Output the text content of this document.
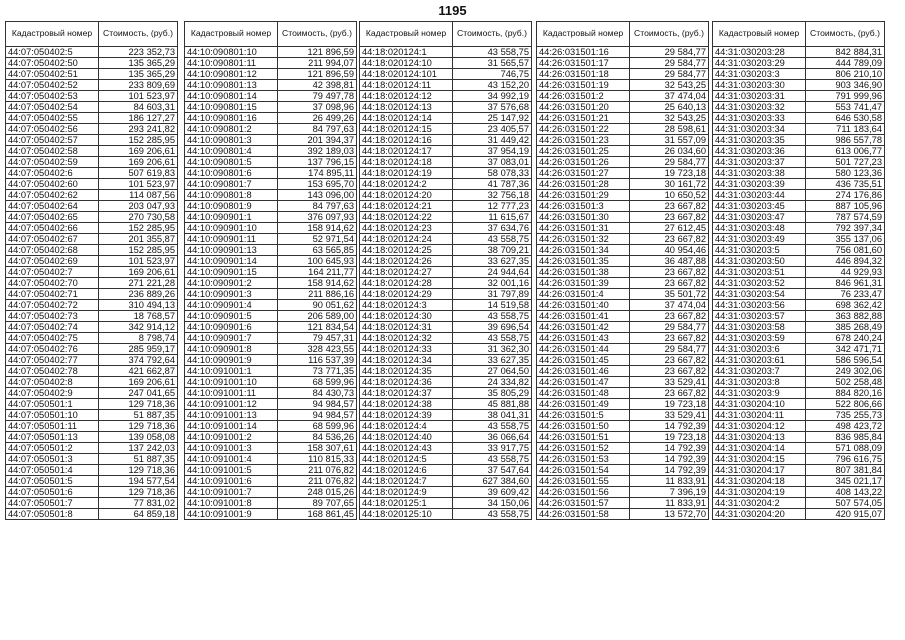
1195
Кадастровый номер	Стоимость, (руб.)
44:07:050402:5	223 352,73
44:07:050402:50	135 365,29
44:07:050402:51	135 365,29
44:07:050402:52	233 809,69
44:07:050402:53	101 523,97
44:07:050402:54	84 603,31
44:07:050402:55	186 127,27
44:07:050402:56	293 241,82
44:07:050402:57	152 285,95
44:07:050402:58	169 206,61
44:07:050402:59	169 206,61
44:07:050402:6	507 619,83
44:07:050402:60	101 523,97
44:07:050402:62	114 087,56
44:07:050402:64	203 047,93
44:07:050402:65	270 730,58
44:07:050402:66	152 285,95
44:07:050402:67	201 355,87
44:07:050402:68	152 285,95
44:07:050402:69	101 523,97
44:07:050402:7	169 206,61
44:07:050402:70	271 221,28
44:07:050402:71	236 889,26
44:07:050402:72	310 494,13
44:07:050402:73	18 768,57
44:07:050402:74	342 914,12
44:07:050402:75	8 798,74
44:07:050402:76	285 959,17
44:07:050402:77	374 792,64
44:07:050402:78	421 662,87
44:07:050402:8	169 206,61
44:07:050402:9	247 041,65
44:07:050501:1	129 718,36
44:07:050501:10	51 887,35
44:07:050501:11	129 718,36
44:07:050501:13	139 058,08
44:07:050501:2	137 242,03
44:07:050501:3	51 887,35
44:07:050501:4	129 718,36
44:07:050501:5	194 577,54
44:07:050501:6	129 718,36
44:07:050501:7	77 831,02
44:07:050501:8	64 859,18
Кадастровый номер	Стоимость, (руб.)
44:10:090801:10	121 896,59
44:10:090801:11	211 994,07
44:10:090801:12	121 896,59
44:10:090801:13	42 398,81
44:10:090801:14	79 497,78
44:10:090801:15	37 098,96
44:10:090801:16	26 499,26
44:10:090801:2	84 797,63
44:10:090801:3	201 394,37
44:10:090801:4	392 189,03
44:10:090801:5	137 796,15
44:10:090801:6	174 895,11
44:10:090801:7	153 695,70
44:10:090801:8	143 096,00
44:10:090801:9	84 797,63
44:10:090901:1	376 097,93
44:10:090901:10	158 914,62
44:10:090901:11	52 971,54
44:10:090901:13	63 565,85
44:10:090901:14	100 645,93
44:10:090901:15	164 211,77
44:10:090901:2	158 914,62
44:10:090901:3	211 886,16
44:10:090901:4	90 051,62
44:10:090901:5	206 589,00
44:10:090901:6	121 834,54
44:10:090901:7	79 457,31
44:10:090901:8	328 423,55
44:10:090901:9	116 537,39
44:10:091001:1	73 771,35
44:10:091001:10	68 599,96
44:10:091001:11	84 430,73
44:10:091001:12	94 984,57
44:10:091001:13	94 984,57
44:10:091001:14	68 599,96
44:10:091001:2	84 536,26
44:10:091001:3	158 307,61
44:10:091001:4	110 815,33
44:10:091001:5	211 076,82
44:10:091001:6	211 076,82
44:10:091001:7	248 015,26
44:10:091001:8	89 707,65
44:10:091001:9	168 861,45
Кадастровый номер	Стоимость, (руб.)
44:18:020124:1	43 558,75
44:18:020124:10	31 565,57
44:18:020124:101	746,75
44:18:020124:11	43 152,20
44:18:020124:12	34 992,19
44:18:020124:13	37 576,68
44:18:020124:14	25 147,92
44:18:020124:15	23 405,57
44:18:020124:16	31 449,42
44:18:020124:17	37 954,19
44:18:020124:18	37 083,01
44:18:020124:19	58 078,33
44:18:020124:2	41 787,36
44:18:020124:20	32 756,18
44:18:020124:21	12 777,23
44:18:020124:22	11 615,67
44:18:020124:23	37 634,76
44:18:020124:24	43 558,75
44:18:020124:25	38 709,21
44:18:020124:26	33 627,35
44:18:020124:27	24 944,64
44:18:020124:28	32 001,16
44:18:020124:29	31 797,89
44:18:020124:3	14 519,58
44:18:020124:30	43 558,75
44:18:020124:31	39 696,54
44:18:020124:32	43 558,75
44:18:020124:33	31 362,30
44:18:020124:34	33 627,35
44:18:020124:35	27 064,50
44:18:020124:36	24 334,82
44:18:020124:37	35 805,29
44:18:020124:38	45 881,88
44:18:020124:39	38 041,31
44:18:020124:4	43 558,75
44:18:020124:40	36 066,64
44:18:020124:43	33 917,75
44:18:020124:5	43 558,75
44:18:020124:6	37 547,64
44:18:020124:7	627 384,60
44:18:020124:9	39 609,42
44:18:020125:1	34 150,06
44:18:020125:10	43 558,75
Кадастровый номер	Стоимость, (руб.)
44:26:031501:16	29 584,77
44:26:031501:17	29 584,77
44:26:031501:18	29 584,77
44:26:031501:19	32 543,25
44:26:031501:2	37 474,04
44:26:031501:20	25 640,13
44:26:031501:21	32 543,25
44:26:031501:22	28 598,61
44:26:031501:23	31 557,09
44:26:031501:25	26 034,60
44:26:031501:26	29 584,77
44:26:031501:27	19 723,18
44:26:031501:28	30 161,72
44:26:031501:29	10 650,52
44:26:031501:3	23 667,82
44:26:031501:30	23 667,82
44:26:031501:31	27 612,45
44:26:031501:32	23 667,82
44:26:031501:34	40 954,46
44:26:031501:35	36 487,88
44:26:031501:38	23 667,82
44:26:031501:39	23 667,82
44:26:031501:4	35 501,72
44:26:031501:40	37 474,04
44:26:031501:41	23 667,82
44:26:031501:42	29 584,77
44:26:031501:43	23 667,82
44:26:031501:44	29 584,77
44:26:031501:45	23 667,82
44:26:031501:46	23 667,82
44:26:031501:47	33 529,41
44:26:031501:48	23 667,82
44:26:031501:49	19 723,18
44:26:031501:5	33 529,41
44:26:031501:50	14 792,39
44:26:031501:51	19 723,18
44:26:031501:52	14 792,39
44:26:031501:53	14 792,39
44:26:031501:54	14 792,39
44:26:031501:55	11 833,91
44:26:031501:56	7 396,19
44:26:031501:57	11 833,91
44:26:031501:58	13 572,70
Кадастровый номер	Стоимость, (руб.)
44:31:030203:28	842 884,31
44:31:030203:29	444 789,09
44:31:030203:3	806 210,10
44:31:030203:30	903 346,90
44:31:030203:31	791 999,96
44:31:030203:32	553 741,47
44:31:030203:33	646 530,58
44:31:030203:34	711 183,64
44:31:030203:35	986 557,78
44:31:030203:36	613 006,77
44:31:030203:37	501 727,23
44:31:030203:38	580 123,36
44:31:030203:39	436 735,51
44:31:030203:44	274 176,86
44:31:030203:45	887 105,96
44:31:030203:47	787 574,59
44:31:030203:48	792 397,34
44:31:030203:49	355 137,06
44:31:030203:5	756 081,60
44:31:030203:50	446 894,32
44:31:030203:51	44 929,93
44:31:030203:52	846 961,31
44:31:030203:54	76 233,47
44:31:030203:56	698 362,42
44:31:030203:57	363 882,88
44:31:030203:58	385 268,49
44:31:030203:59	678 240,24
44:31:030203:6	342 471,71
44:31:030203:61	586 596,54
44:31:030203:7	249 302,06
44:31:030203:8	502 258,48
44:31:030203:9	884 820,16
44:31:030204:10	522 806,66
44:31:030204:11	735 255,73
44:31:030204:12	498 423,72
44:31:030204:13	836 985,84
44:31:030204:14	571 088,09
44:31:030204:15	796 616,75
44:31:030204:17	807 381,84
44:31:030204:18	345 021,17
44:31:030204:19	408 143,22
44:31:030204:2	507 574,05
44:31:030204:20	420 915,07
